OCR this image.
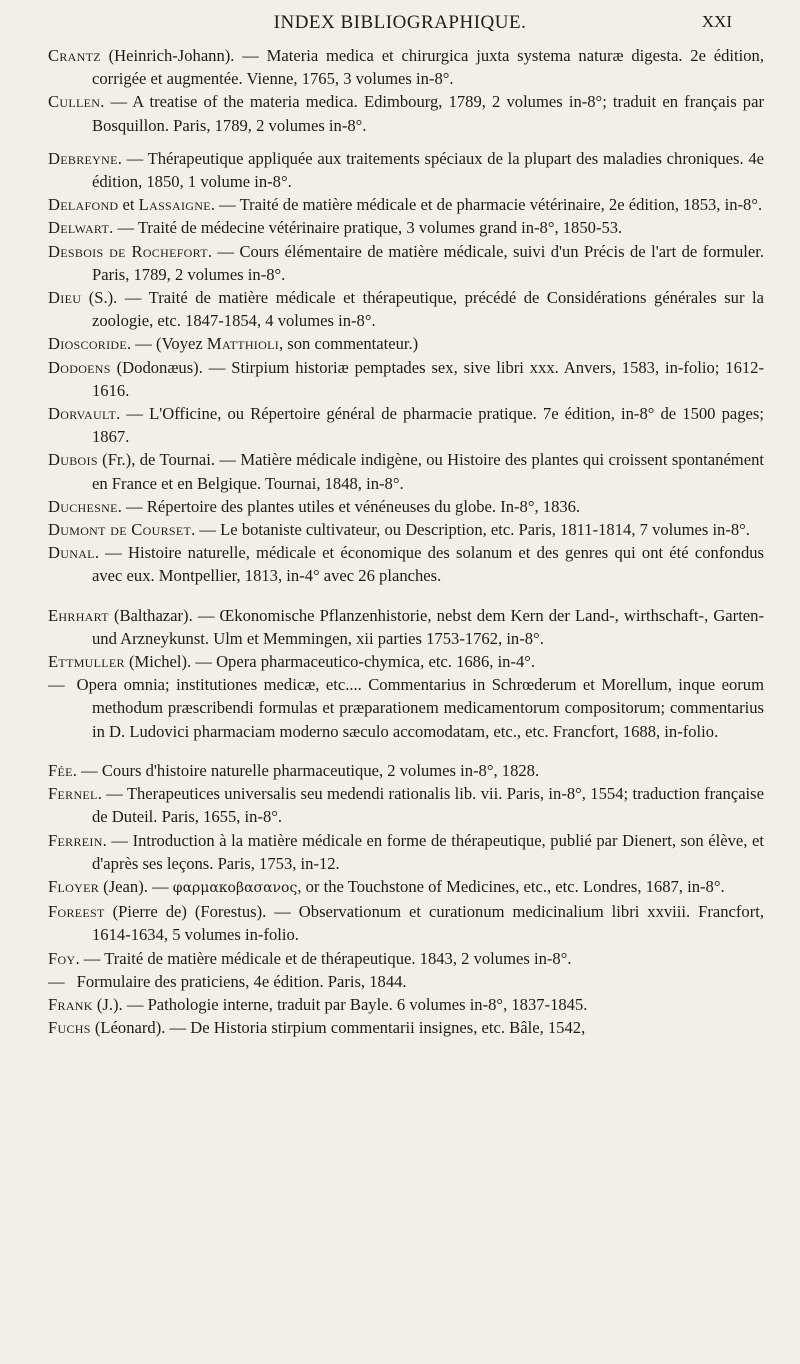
INDEX BIBLIOGRAPHIQUE.	XXI

Crantz (Heinrich-Johann). — Materia medica et chirurgica juxta systema naturæ digesta. 2e édition, corrigée et augmentée. Vienne, 1765, 3 volumes in-8°.

Cullen. — A treatise of the materia medica. Edimbourg, 1789, 2 volumes in-8°; traduit en français par Bosquillon. Paris, 1789, 2 volumes in-8°.

Debreyne. — Thérapeutique appliquée aux traitements spéciaux de la plupart des maladies chroniques. 4e édition, 1850, 1 volume in-8°.

Delafond et Lassaigne. — Traité de matière médicale et de pharmacie vétérinaire, 2e édition, 1853, in-8°.

Delwart. — Traité de médecine vétérinaire pratique, 3 volumes grand in-8°, 1850-53.

Desbois de Rochefort. — Cours élémentaire de matière médicale, suivi d'un Précis de l'art de formuler. Paris, 1789, 2 volumes in-8°.

Dieu (S.). — Traité de matière médicale et thérapeutique, précédé de Considérations générales sur la zoologie, etc. 1847-1854, 4 volumes in-8°.

Dioscoride. — (Voyez Matthioli, son commentateur.)

Dodoens (Dodonæus). — Stirpium historiæ pemptades sex, sive libri xxx. Anvers, 1583, in-folio; 1612-1616.

Dorvault. — L'Officine, ou Répertoire général de pharmacie pratique. 7e édition, in-8° de 1500 pages; 1867.

Dubois (Fr.), de Tournai. — Matière médicale indigène, ou Histoire des plantes qui croissent spontanément en France et en Belgique. Tournai, 1848, in-8°.

Duchesne. — Répertoire des plantes utiles et vénéneuses du globe. In-8°, 1836.

Dumont de Courset. — Le botaniste cultivateur, ou Description, etc. Paris, 1811-1814, 7 volumes in-8°.

Dunal. — Histoire naturelle, médicale et économique des solanum et des genres qui ont été confondus avec eux. Montpellier, 1813, in-4° avec 26 planches.

Ehrhart (Balthazar). — Œkonomische Pflanzenhistorie, nebst dem Kern der Land-, wirthschaft-, Garten- und Arzneykunst. Ulm et Memmingen, xii parties 1753-1762, in-8°.

Ettmuller (Michel). — Opera pharmaceutico-chymica, etc. 1686, in-4°.

— Opera omnia; institutiones medicæ, etc.... Commentarius in Schrœderum et Morellum, inque eorum methodum præscribendi formulas et præparationem medicamentorum compositorum; commentarius in D. Ludovici pharmaciam moderno sæculo accomodatam, etc., etc. Francfort, 1688, in-folio.

Fée. — Cours d'histoire naturelle pharmaceutique, 2 volumes in-8°, 1828.

Fernel. — Therapeutices universalis seu medendi rationalis lib. vii. Paris, in-8°, 1554; traduction française de Duteil. Paris, 1655, in-8°.

Ferrein. — Introduction à la matière médicale en forme de thérapeutique, publié par Dienert, son élève, et d'après ses leçons. Paris, 1753, in-12.

Floyer (Jean). — φαρμακοβασανος, or the Touchstone of Medicines, etc., etc. Londres, 1687, in-8°.

Foreest (Pierre de) (Forestus). — Observationum et curationum medicinalium libri xxviii. Francfort, 1614-1634, 5 volumes in-folio.

Foy. — Traité de matière médicale et de thérapeutique. 1843, 2 volumes in-8°.

— Formulaire des praticiens, 4e édition. Paris, 1844.

Frank (J.). — Pathologie interne, traduit par Bayle. 6 volumes in-8°, 1837-1845.

Fuchs (Léonard). — De Historia stirpium commentarii insignes, etc. Bâle, 1542,
